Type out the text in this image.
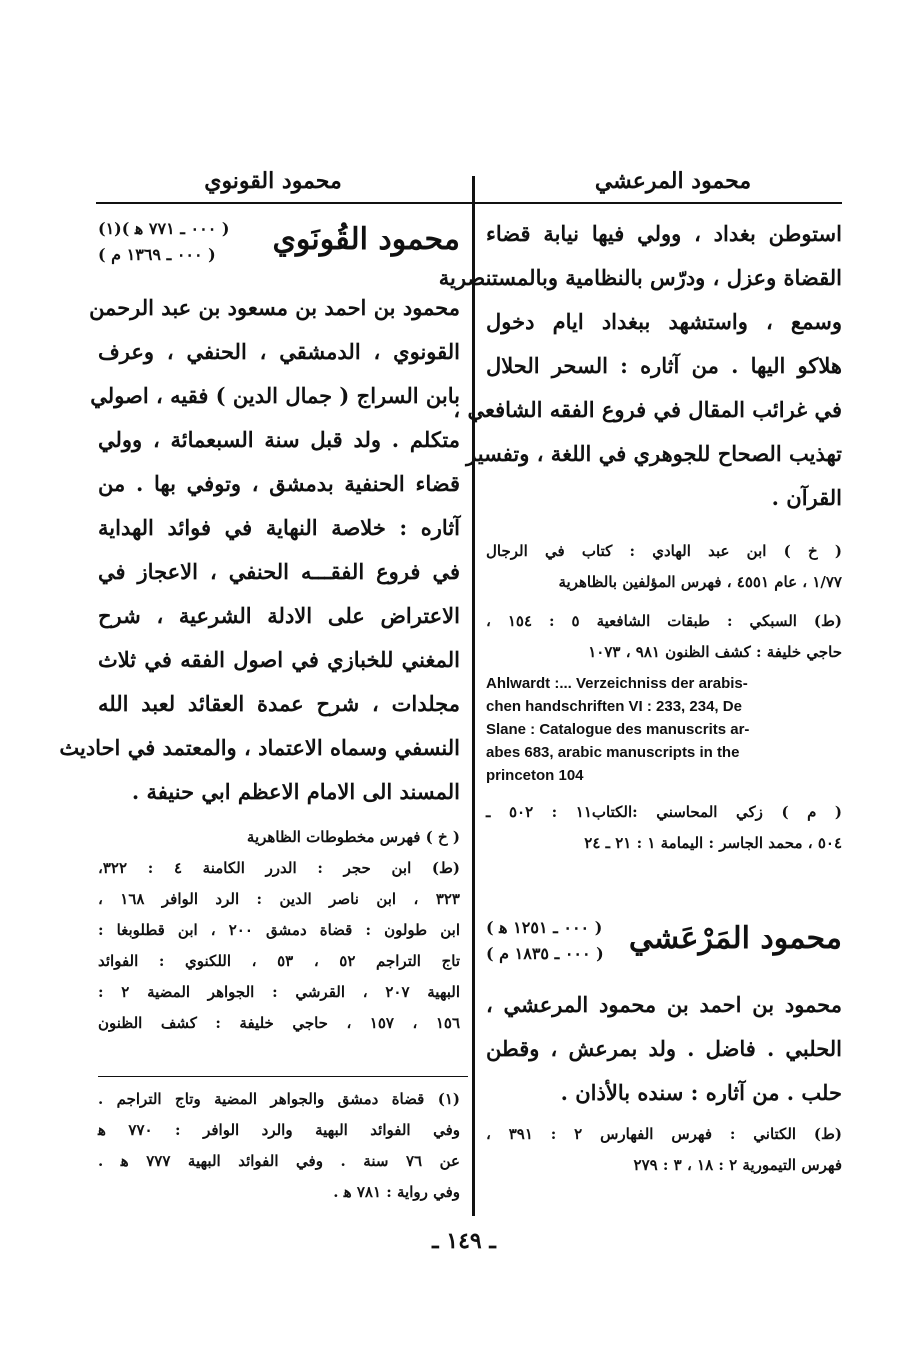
محمود المرعشي
محمود القونوي
استوطن بغداد ، وولي فيها نيابة قضاء
القضاة وعزل ، ودرّس بالنظامية وبالمستنصرية
وسمع ، واستشهد ببغداد ايام دخول
هلاكو اليها . من آثاره : السحر الحلال
في غرائب المقال في فروع الفقه الشافعي ،
تهذيب الصحاح للجوهري في اللغة ، وتفسير
القرآن .
( خ ) ابن عبد الهادي : كتاب في الرجال
١/٧٧ ، عام ٤٥٥١ ، فهرس المؤلفين بالظاهرية
(ط) السبكي : طبقات الشافعية ٥ : ١٥٤ ،
حاجي خليفة : كشف الظنون ٩٨١ ، ١٠٧٣
Ahlwardt :... Verzeichniss der arabis-
chen handschriften VI : 233, 234, De
Slane : Catalogue des manuscrits ar-
abes 683, arabic manuscripts in the
princeton 104
( م ) زكي المحاسني :الكتاب١١ : ٥٠٢ ـ
٥٠٤ ، محمد الجاسر : اليمامة ١ : ٢١ ـ ٢٤
محمود المَرْعَشي
( ٠٠٠ ـ ١٢٥١ ﻫ )
( ٠٠٠ ـ ١٨٣٥ م )
محمود بن احمد بن محمود المرعشي ،
الحلبي . فاضل . ولد بمرعش ، وقطن
حلب . من آثاره : سنده بالأذان .
(ط) الكتاني : فهرس الفهارس ٢ : ٣٩١ ،
فهرس التيمورية ٢ : ١٨ ، ٣ : ٢٧٩
محمود القُونَوي
( ٠٠٠ ـ ٧٧١ ﻫ )(١)
( ٠٠٠ ـ ١٣٦٩ م )
محمود بن احمد بن مسعود بن عبد الرحمن
القونوي ، الدمشقي ، الحنفي ، وعرف
بابن السراج ( جمال الدين ) فقيه ، اصولي
متكلم . ولد قبل سنة السبعمائة ، وولي
قضاء الحنفية بدمشق ، وتوفي بها . من
آثاره : خلاصة النهاية في فوائد الهداية
في فروع الفقـــه الحنفي ، الاعجاز في
الاعتراض على الادلة الشرعية ، شرح
المغني للخبازي في اصول الفقه في ثلاث
مجلدات ، شرح عمدة العقائد لعبد الله
النسفي وسماه الاعتماد ، والمعتمد في احاديث
المسند الى الامام الاعظم ابي حنيفة .
( خ ) فهرس مخطوطات الظاهرية
(ط) ابن حجر : الدرر الكامنة ٤ : ٣٢٢،
٣٢٣ ، ابن ناصر الدين : الرد الوافر ١٦٨ ،
ابن طولون : قضاة دمشق ٢٠٠ ، ابن قطلوبغا :
تاج التراجم ٥٢ ، ٥٣ ، اللكنوي : الفوائد
البهية ٢٠٧ ، القرشي : الجواهر المضية ٢ :
١٥٦ ، ١٥٧ ، حاجي خليفة : كشف الظنون
(١) قضاة دمشق والجواهر المضية وتاج التراجم .
وفي الفوائد البهية والرد الوافر : ٧٧٠ ﻫ
عن ٧٦ سنة . وفي الفوائد البهية ٧٧٧ ﻫ .
وفي رواية : ٧٨١ ﻫ .
ـ ١٤٩ ـ
